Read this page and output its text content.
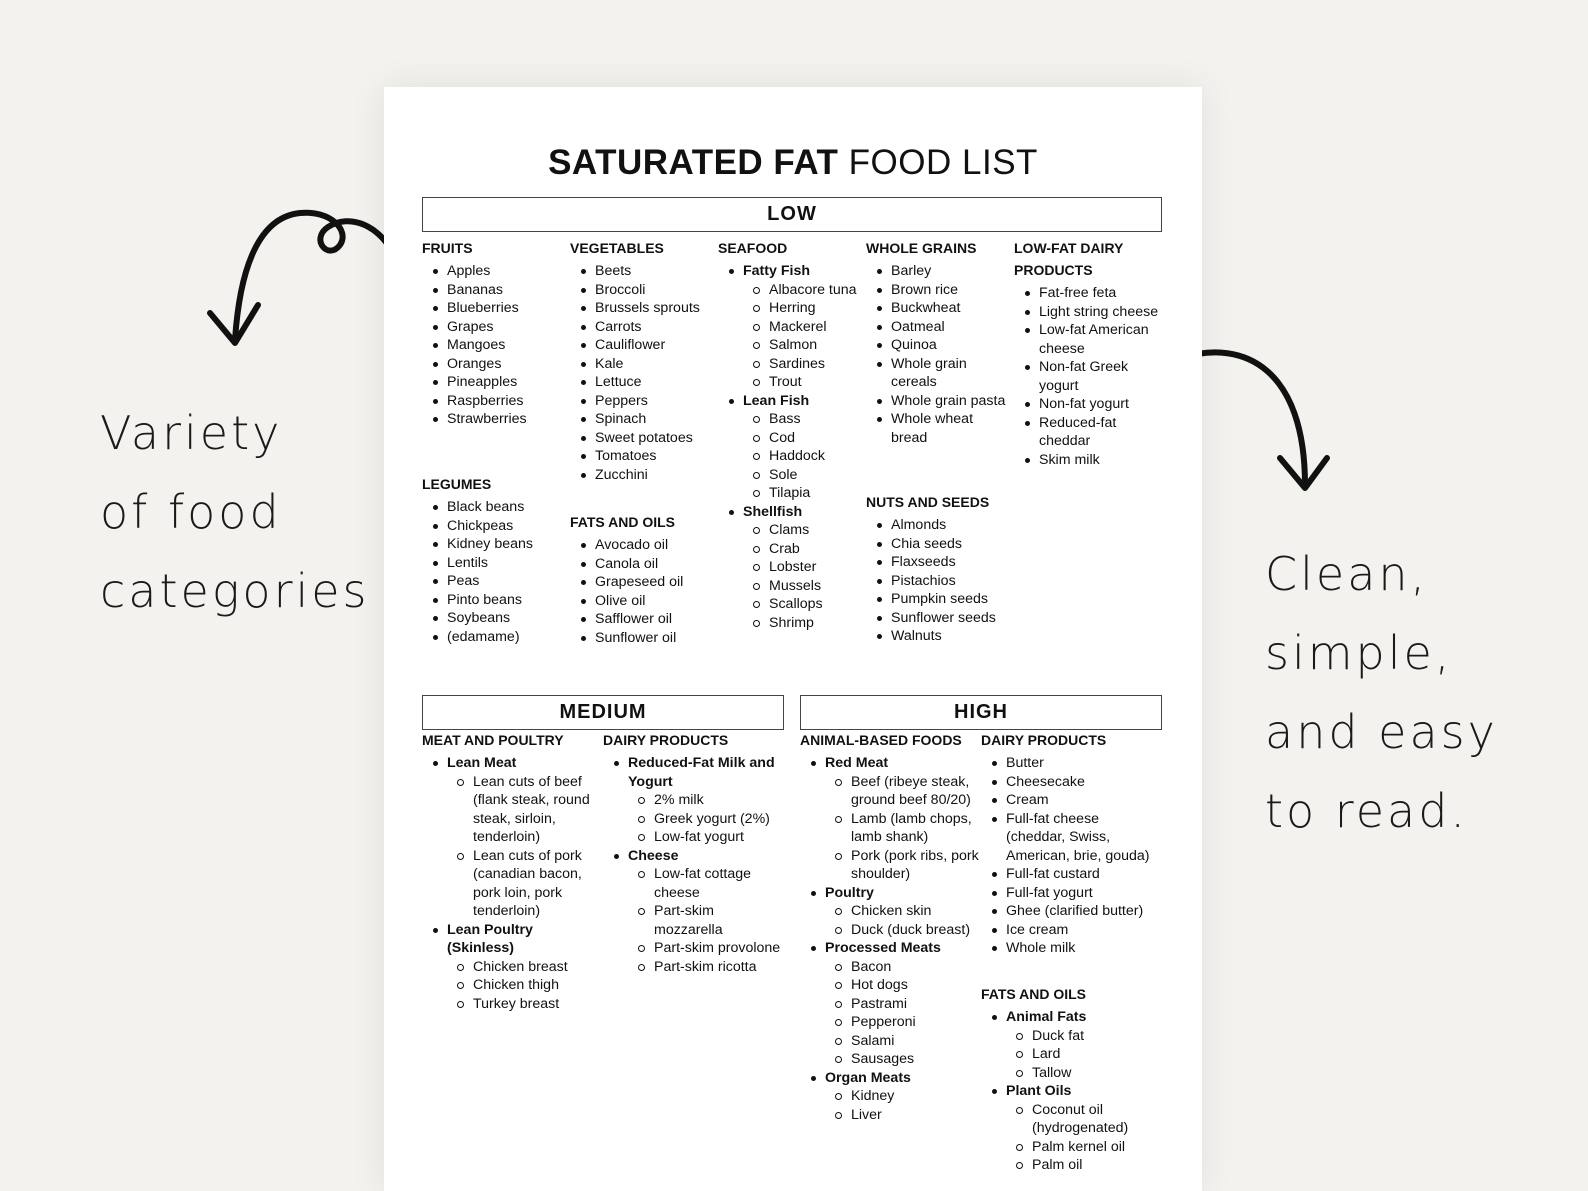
Variety
of food
categories	Clean,
simple,
and easy
to read.
SATURATED FAT FOOD LIST
LOW
FRUITS
Apples
Bananas
Blueberries
Grapes
Mangoes
Oranges
Pineapples
Raspberries
Strawberries
LEGUMES
Black beans
Chickpeas
Kidney beans
Lentils
Peas
Pinto beans
Soybeans
(edamame)
VEGETABLES
Beets
Broccoli
Brussels sprouts
Carrots
Cauliflower
Kale
Lettuce
Peppers
Spinach
Sweet potatoes
Tomatoes
Zucchini
FATS AND OILS
Avocado oil
Canola oil
Grapeseed oil
Olive oil
Safflower oil
Sunflower oil
SEAFOOD
Fatty Fish
Albacore tuna
Herring
Mackerel
Salmon
Sardines
Trout
Lean Fish
Bass
Cod
Haddock
Sole
Tilapia
Shellfish
Clams
Crab
Lobster
Mussels
Scallops
Shrimp
WHOLE GRAINS
Barley
Brown rice
Buckwheat
Oatmeal
Quinoa
Whole grain
cereals
Whole grain pasta
Whole wheat
bread
NUTS AND SEEDS
Almonds
Chia seeds
Flaxseeds
Pistachios
Pumpkin seeds
Sunflower seeds
Walnuts
LOW-FAT DAIRY
PRODUCTS
Fat-free feta
Light string cheese
Low-fat American
cheese
Non-fat Greek
yogurt
Non-fat yogurt
Reduced-fat
cheddar
Skim milk
MEDIUM	HIGH
MEAT AND POULTRY
Lean Meat
Lean cuts of beef
(flank steak, round
steak, sirloin,
tenderloin)
Lean cuts of pork
(canadian bacon,
pork loin, pork
tenderloin)
Lean Poultry (Skinless)
Chicken breast
Chicken thigh
Turkey breast
DAIRY PRODUCTS
Reduced-Fat Milk and
Yogurt
2% milk
Greek yogurt (2%)
Low-fat yogurt
Cheese
Low-fat cottage
cheese
Part-skim
mozzarella
Part-skim provolone
Part-skim ricotta
ANIMAL-BASED FOODS
Red Meat
Beef (ribeye steak,
ground beef 80/20)
Lamb (lamb chops,
lamb shank)
Pork (pork ribs, pork
shoulder)
Poultry
Chicken skin
Duck (duck breast)
Processed Meats
Bacon
Hot dogs
Pastrami
Pepperoni
Salami
Sausages
Organ Meats
Kidney
Liver
DAIRY PRODUCTS
Butter
Cheesecake
Cream
Full-fat cheese
(cheddar, Swiss,
American, brie, gouda)
Full-fat custard
Full-fat yogurt
Ghee (clarified butter)
Ice cream
Whole milk
FATS AND OILS
Animal Fats
Duck fat
Lard
Tallow
Plant Oils
Coconut oil
(hydrogenated)
Palm kernel oil
Palm oil
